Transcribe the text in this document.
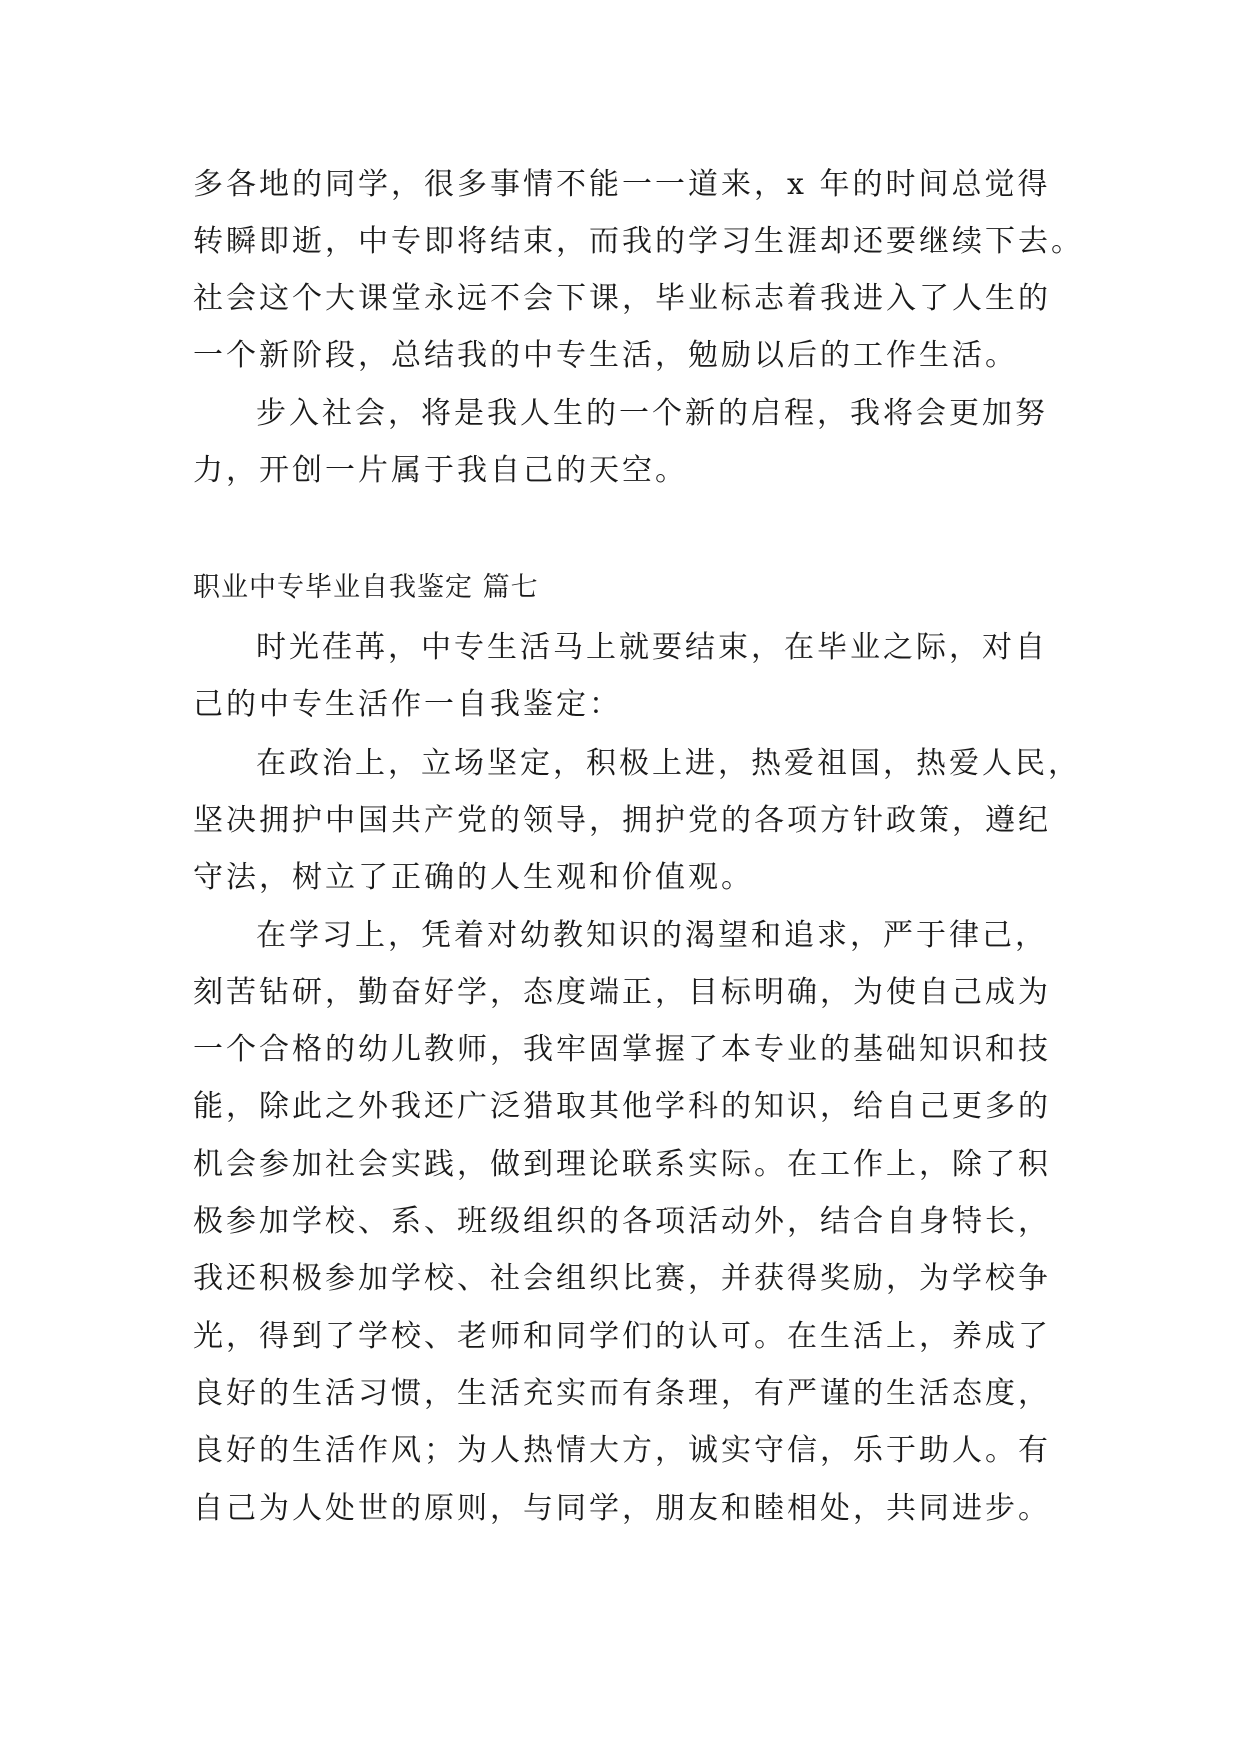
多各地的同学，很多事情不能一一道来，x 年的时间总觉得
转瞬即逝，中专即将结束，而我的学习生涯却还要继续下去。
社会这个大课堂永远不会下课，毕业标志着我进入了人生的
一个新阶段，总结我的中专生活，勉励以后的工作生活。
步入社会，将是我人生的一个新的启程，我将会更加努
力，开创一片属于我自己的天空。
职业中专毕业自我鉴定 篇七
时光荏苒，中专生活马上就要结束，在毕业之际，对自
己的中专生活作一自我鉴定：
在政治上，立场坚定，积极上进，热爱祖国，热爱人民，
坚决拥护中国共产党的领导，拥护党的各项方针政策，遵纪
守法，树立了正确的人生观和价值观。
在学习上，凭着对幼教知识的渴望和追求，严于律己，
刻苦钻研，勤奋好学，态度端正，目标明确，为使自己成为
一个合格的幼儿教师，我牢固掌握了本专业的基础知识和技
能，除此之外我还广泛猎取其他学科的知识，给自己更多的
机会参加社会实践，做到理论联系实际。在工作上，除了积
极参加学校、系、班级组织的各项活动外，结合自身特长，
我还积极参加学校、社会组织比赛，并获得奖励，为学校争
光，得到了学校、老师和同学们的认可。在生活上，养成了
良好的生活习惯，生活充实而有条理，有严谨的生活态度，
良好的生活作风；为人热情大方，诚实守信，乐于助人。有
自己为人处世的原则，与同学，朋友和睦相处，共同进步。
